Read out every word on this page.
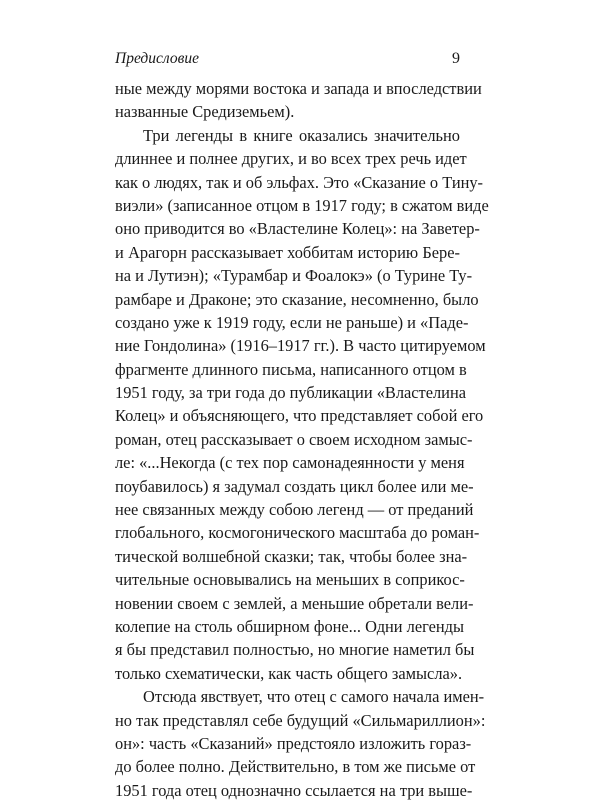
Предисловие	9
ные между морями востока и запада и впоследствии
названные Средиземьем).
Три легенды в книге оказались значительно
длиннее и полнее других, и во всех трех речь идет
как о людях, так и об эльфах. Это «Сказание о Тину-
виэли» (записанное отцом в 1917 году; в сжатом виде
оно приводится во «Властелине Колец»: на Заветер-
и Арагорн рассказывает хоббитам историю Бере-
на и Лутиэн); «Турамбар и Фоалокэ» (о Турине Ту-
рамбаре и Драконе; это сказание, несомненно, было
создано уже к 1919 году, если не раньше) и «Паде-
ние Гондолина» (1916–1917 гг.). В часто цитируемом
фрагменте длинного письма, написанного отцом в
1951 году, за три года до публикации «Властелина
Колец» и объясняющего, что представляет собой его
роман, отец рассказывает о своем исходном замыс-
ле: «...Некогда (с тех пор самонадеянности у меня
поубавилось) я задумал создать цикл более или ме-
нее связанных между собою легенд — от преданий
глобального, космогонического масштаба до роман-
тической волшебной сказки; так, чтобы более зна-
чительные основывались на меньших в соприкос-
новении своем с землей, а меньшие обретали вели-
колепие на столь обширном фоне... Одни легенды
я бы представил полностью, но многие наметил бы
только схематически, как часть общего замысла».
Отсюда явствует, что отец с самого начала имен-
но так представлял себе будущий «Сильмариллион»:
он»: часть «Сказаний» предстояло изложить гораз-
до более полно. Действительно, в том же письме от
1951 года отец однозначно ссылается на три выше-
